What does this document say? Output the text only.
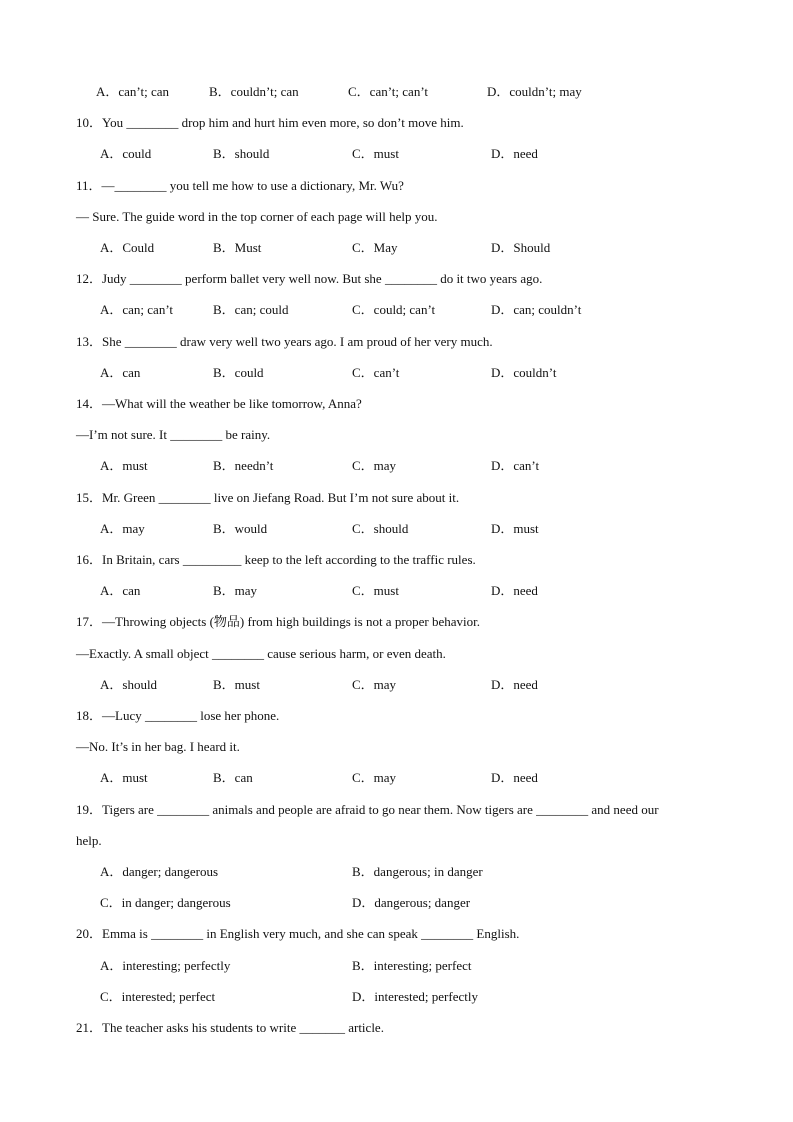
A．can’t; can	B．couldn’t; can	C．can’t; can’t	D．couldn’t; may
10．You ________ drop him and hurt him even more, so don’t move him.
A．could	B．should	C．must	D．need
11．—________ you tell me how to use a dictionary, Mr. Wu?
— Sure. The guide word in the top corner of each page will help you.
A．Could	B．Must	C．May	D．Should
12．Judy ________ perform ballet very well now. But she ________ do it two years ago.
A．can; can’t	B．can; could	C．could; can’t	D．can; couldn’t
13．She ________ draw very well two years ago. I am proud of her very much.
A．can	B．could	C．can’t	D．couldn’t
14．—What will the weather be like tomorrow, Anna?
—I’m not sure. It ________ be rainy.
A．must	B．needn’t	C．may	D．can’t
15．Mr. Green ________ live on Jiefang Road. But I’m not sure about it.
A．may	B．would	C．should	D．must
16．In Britain, cars _________ keep to the left according to the traffic rules.
A．can	B．may	C．must	D．need
17．—Throwing objects (物品) from high buildings is not a proper behavior.
—Exactly. A small object ________ cause serious harm, or even death.
A．should	B．must	C．may	D．need
18．—Lucy ________ lose her phone.
—No. It’s in her bag. I heard it.
A．must	B．can	C．may	D．need
19．Tigers are ________ animals and people are afraid to go near them. Now tigers are ________ and need our
help.
A．danger; dangerous	B．dangerous; in danger
C．in danger; dangerous	D．dangerous; danger
20．Emma is ________ in English very much, and she can speak ________ English.
A．interesting; perfectly	B．interesting; perfect
C．interested; perfect	D．interested; perfectly
21．The teacher asks his students to write _______ article.
